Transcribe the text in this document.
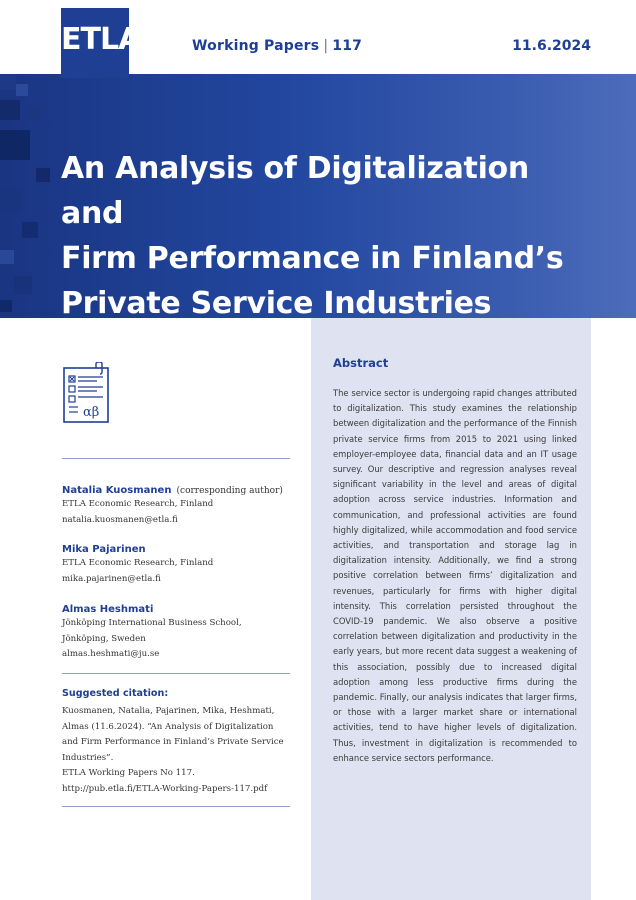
ETLA	Working Papers | 117	11.6.2024
An Analysis of Digitalization and
Firm Performance in Finland’s
Private Service Industries
αβ
Natalia Kuosmanen (corresponding author)
ETLA Economic Research, Finland
natalia.kuosmanen@etla.fi
Mika Pajarinen
ETLA Economic Research, Finland
mika.pajarinen@etla.fi
Almas Heshmati
Jönköping International Business School,
Jönköping, Sweden
almas.heshmati@ju.se
Suggested citation:
Kuosmanen, Natalia, Pajarinen, Mika, Heshmati,
Almas (11.6.2024). “An Analysis of Digitalization
and Firm Performance in Finland’s Private Service
Industries”.
ETLA Working Papers No 117.
http://pub.etla.fi/ETLA-Working-Papers-117.pdf
Abstract
The service sector is undergoing rapid changes attributed to digitalization. This study examines the relationship between digitalization and the performance of the Finnish private service firms from 2015 to 2021 using linked employer-employee data, financial data and an IT usage survey. Our descriptive and regression analyses reveal significant variability in the level and areas of digital adoption across service industries. Information and communication, and professional activities are found highly digitalized, while accommodation and food service activities, and transportation and storage lag in digitalization intensity. Additionally, we find a strong positive correlation between firms’ digitalization and revenues, particularly for firms with higher digital intensity. This correlation persisted throughout the COVID-19 pandemic. We also observe a positive correlation between digitalization and productivity in the early years, but more recent data suggest a weakening of this association, possibly due to increased digital adoption among less productive firms during the pandemic. Finally, our analysis indicates that larger firms, or those with a larger market share or international activities, tend to have higher levels of digitalization. Thus, investment in digitalization is recommended to enhance service sectors performance.
